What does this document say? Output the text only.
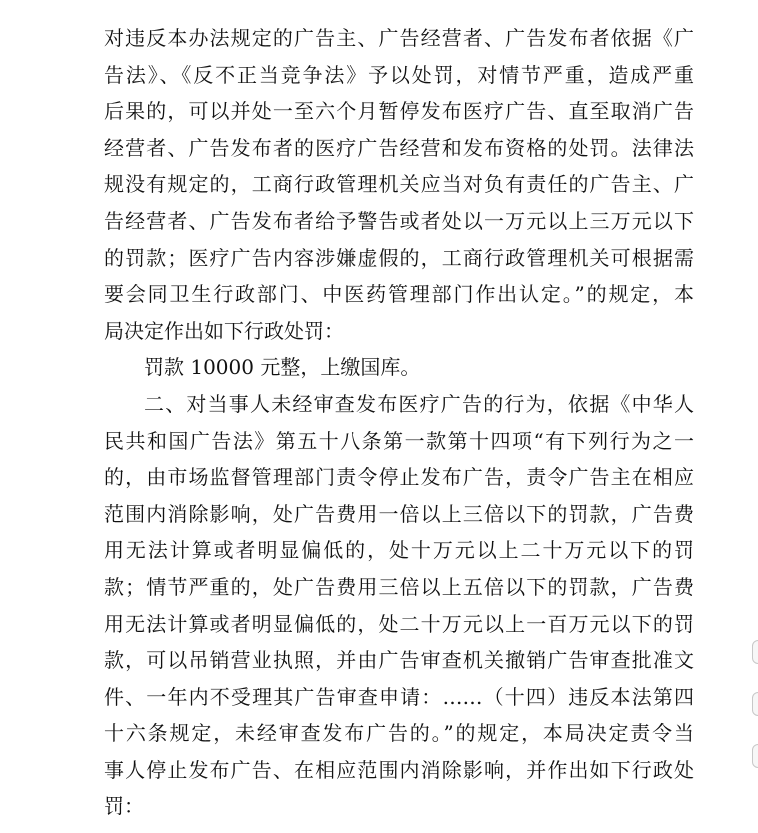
对违反本办法规定的广告主、广告经营者、广告发布者依据《广
告法》、《反不正当竞争法》予以处罚，对情节严重，造成严重
后果的，可以并处一至六个月暂停发布医疗广告、直至取消广告
经营者、广告发布者的医疗广告经营和发布资格的处罚。法律法
规没有规定的，工商行政管理机关应当对负有责任的广告主、广
告经营者、广告发布者给予警告或者处以一万元以上三万元以下
的罚款；医疗广告内容涉嫌虚假的，工商行政管理机关可根据需
要会同卫生行政部门、中医药管理部门作出认定。”的规定，本
局决定作出如下行政处罚：
罚款 10000 元整，上缴国库。
二、对当事人未经审查发布医疗广告的行为，依据《中华人
民共和国广告法》第五十八条第一款第十四项“有下列行为之一
的，由市场监督管理部门责令停止发布广告，责令广告主在相应
范围内消除影响，处广告费用一倍以上三倍以下的罚款，广告费
用无法计算或者明显偏低的，处十万元以上二十万元以下的罚
款；情节严重的，处广告费用三倍以上五倍以下的罚款，广告费
用无法计算或者明显偏低的，处二十万元以上一百万元以下的罚
款，可以吊销营业执照，并由广告审查机关撤销广告审查批准文
件、一年内不受理其广告审查申请：……（十四）违反本法第四
十六条规定，未经审查发布广告的。”的规定，本局决定责令当
事人停止发布广告、在相应范围内消除影响，并作出如下行政处
罚：
